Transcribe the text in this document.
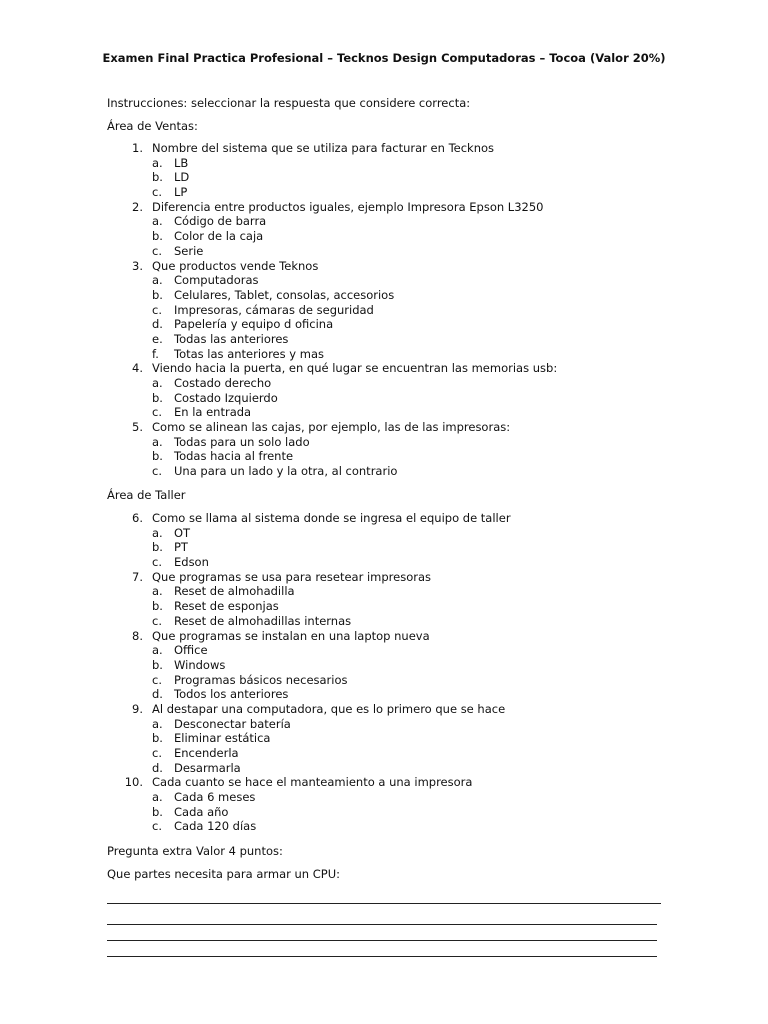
Examen Final Practica Profesional – Tecknos Design Computadoras – Tocoa (Valor 20%)
Instrucciones: seleccionar la respuesta que considere correcta:
Área de Ventas:
1. Nombre del sistema que se utiliza para facturar en Tecknos
a. LB
b. LD
c. LP
2. Diferencia entre productos iguales, ejemplo Impresora Epson L3250
a. Código de barra
b. Color de la caja
c. Serie
3. Que productos vende Teknos
a. Computadoras
b. Celulares, Tablet, consolas, accesorios
c. Impresoras, cámaras de seguridad
d. Papelería y equipo d oficina
e. Todas las anteriores
f. Totas las anteriores y mas
4. Viendo hacia la puerta, en qué lugar se encuentran las memorias usb:
a. Costado derecho
b. Costado Izquierdo
c. En la entrada
5. Como se alinean las cajas, por ejemplo, las de las impresoras:
a. Todas para un solo lado
b. Todas hacia al frente
c. Una para un lado y la otra, al contrario
Área de Taller
6. Como se llama al sistema donde se ingresa el equipo de taller
a. OT
b. PT
c. Edson
7. Que programas se usa para resetear impresoras
a. Reset de almohadilla
b. Reset de esponjas
c. Reset de almohadillas internas
8. Que programas se instalan en una laptop nueva
a. Office
b. Windows
c. Programas básicos necesarios
d. Todos los anteriores
9. Al destapar una computadora, que es lo primero que se hace
a. Desconectar batería
b. Eliminar estática
c. Encenderla
d. Desarmarla
10. Cada cuanto se hace el manteamiento a una impresora
a. Cada 6 meses
b. Cada año
c. Cada 120 días
Pregunta extra Valor 4 puntos:
Que partes necesita para armar un CPU:
